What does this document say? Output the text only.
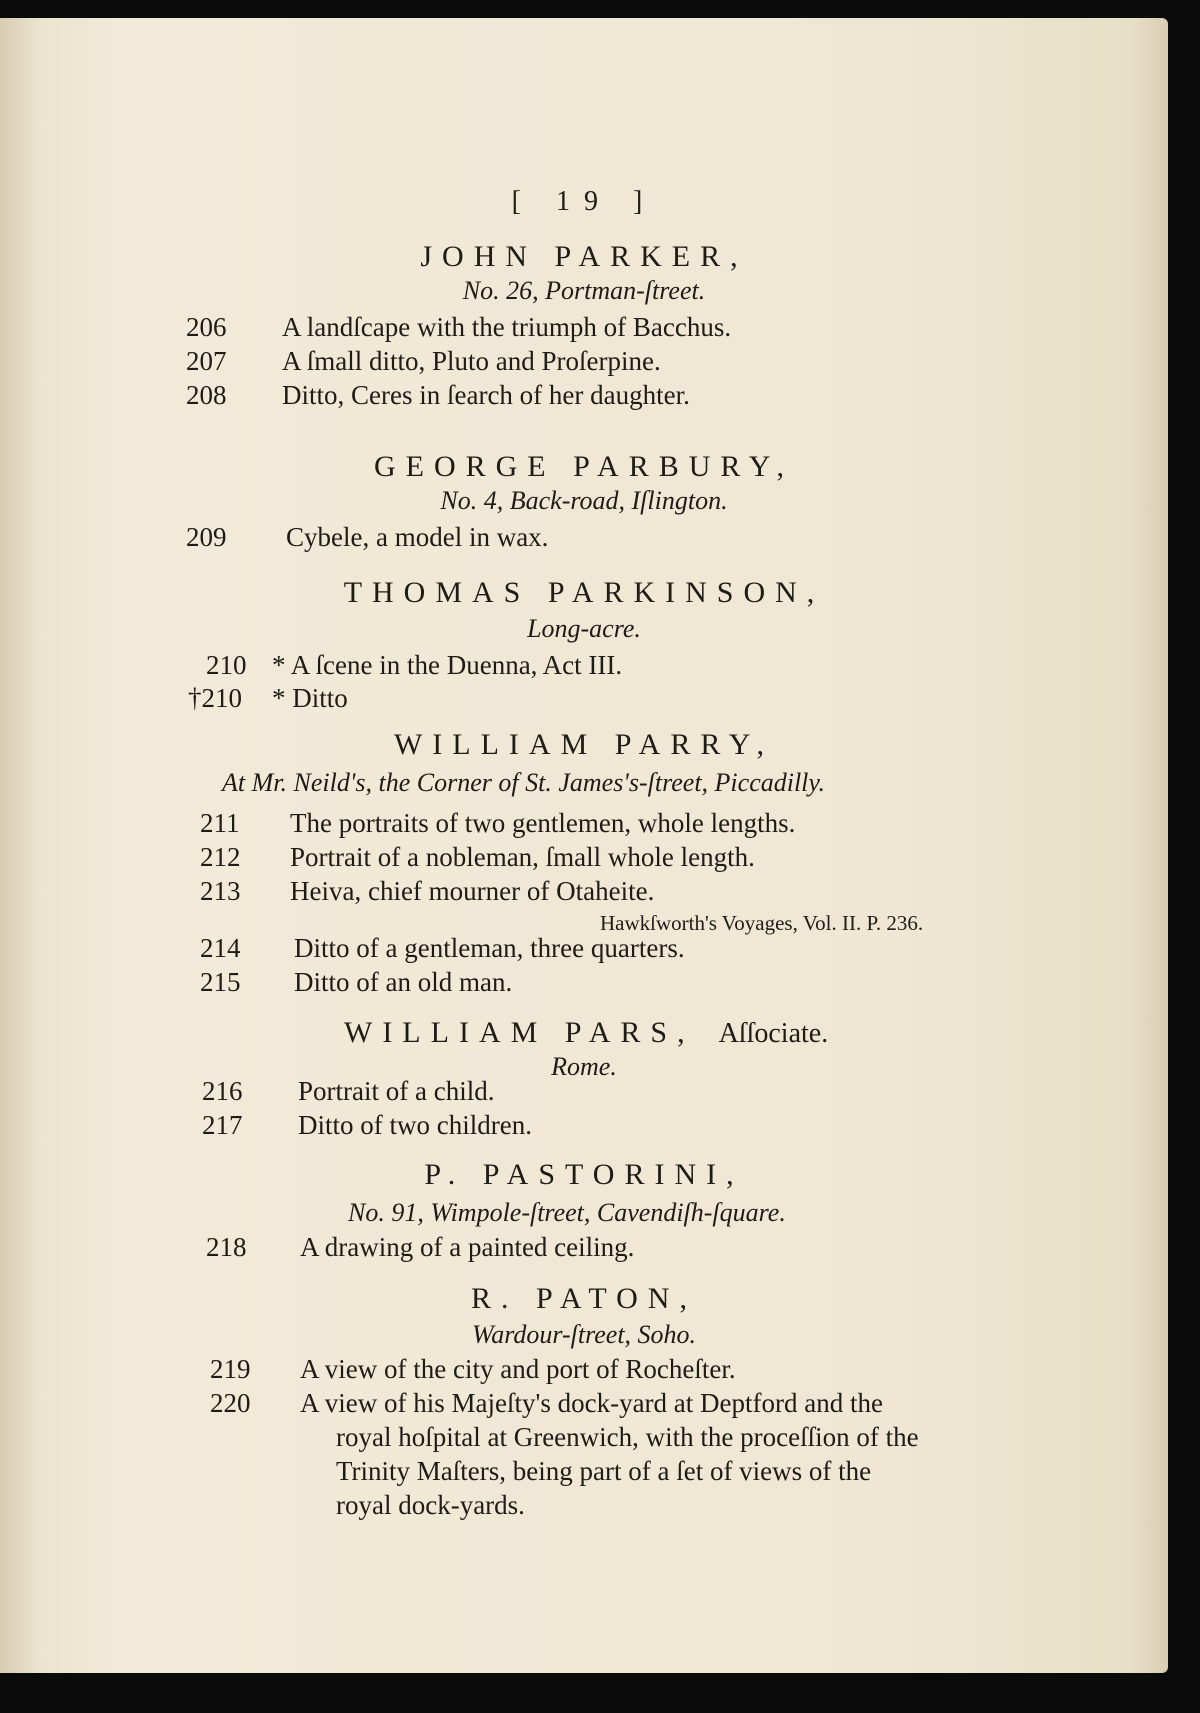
[ 19 ]
JOHN PARKER,
No. 26, Portman-ſtreet.
206 A landſcape with the triumph of Bacchus.
207 A ſmall ditto, Pluto and Proſerpine.
208 Ditto, Ceres in ſearch of her daughter.
GEORGE PARBURY,
No. 4, Back-road, Iſlington.
209 Cybele, a model in wax.
THOMAS PARKINSON,
Long-acre.
210 * A ſcene in the Duenna, Act III.
†210 * Ditto
WILLIAM PARRY,
At Mr. Neild's, the Corner of St. James's-ſtreet, Piccadilly.
211 The portraits of two gentlemen, whole lengths.
212 Portrait of a nobleman, ſmall whole length.
213 Heiva, chief mourner of Otaheite.
Hawkſworth's Voyages, Vol. II. P. 236.
214 Ditto of a gentleman, three quarters.
215 Ditto of an old man.
WILLIAM PARS, Aſſociate.
Rome.
216 Portrait of a child.
217 Ditto of two children.
P. PASTORINI,
No. 91, Wimpole-ſtreet, Cavendiſh-ſquare.
218 A drawing of a painted ceiling.
R. PATON,
Wardour-ſtreet, Soho.
219 A view of the city and port of Rocheſter.
220 A view of his Majeſty's dock-yard at Deptford and the
royal hoſpital at Greenwich, with the proceſſion of the
Trinity Maſters, being part of a ſet of views of the
royal dock-yards.
